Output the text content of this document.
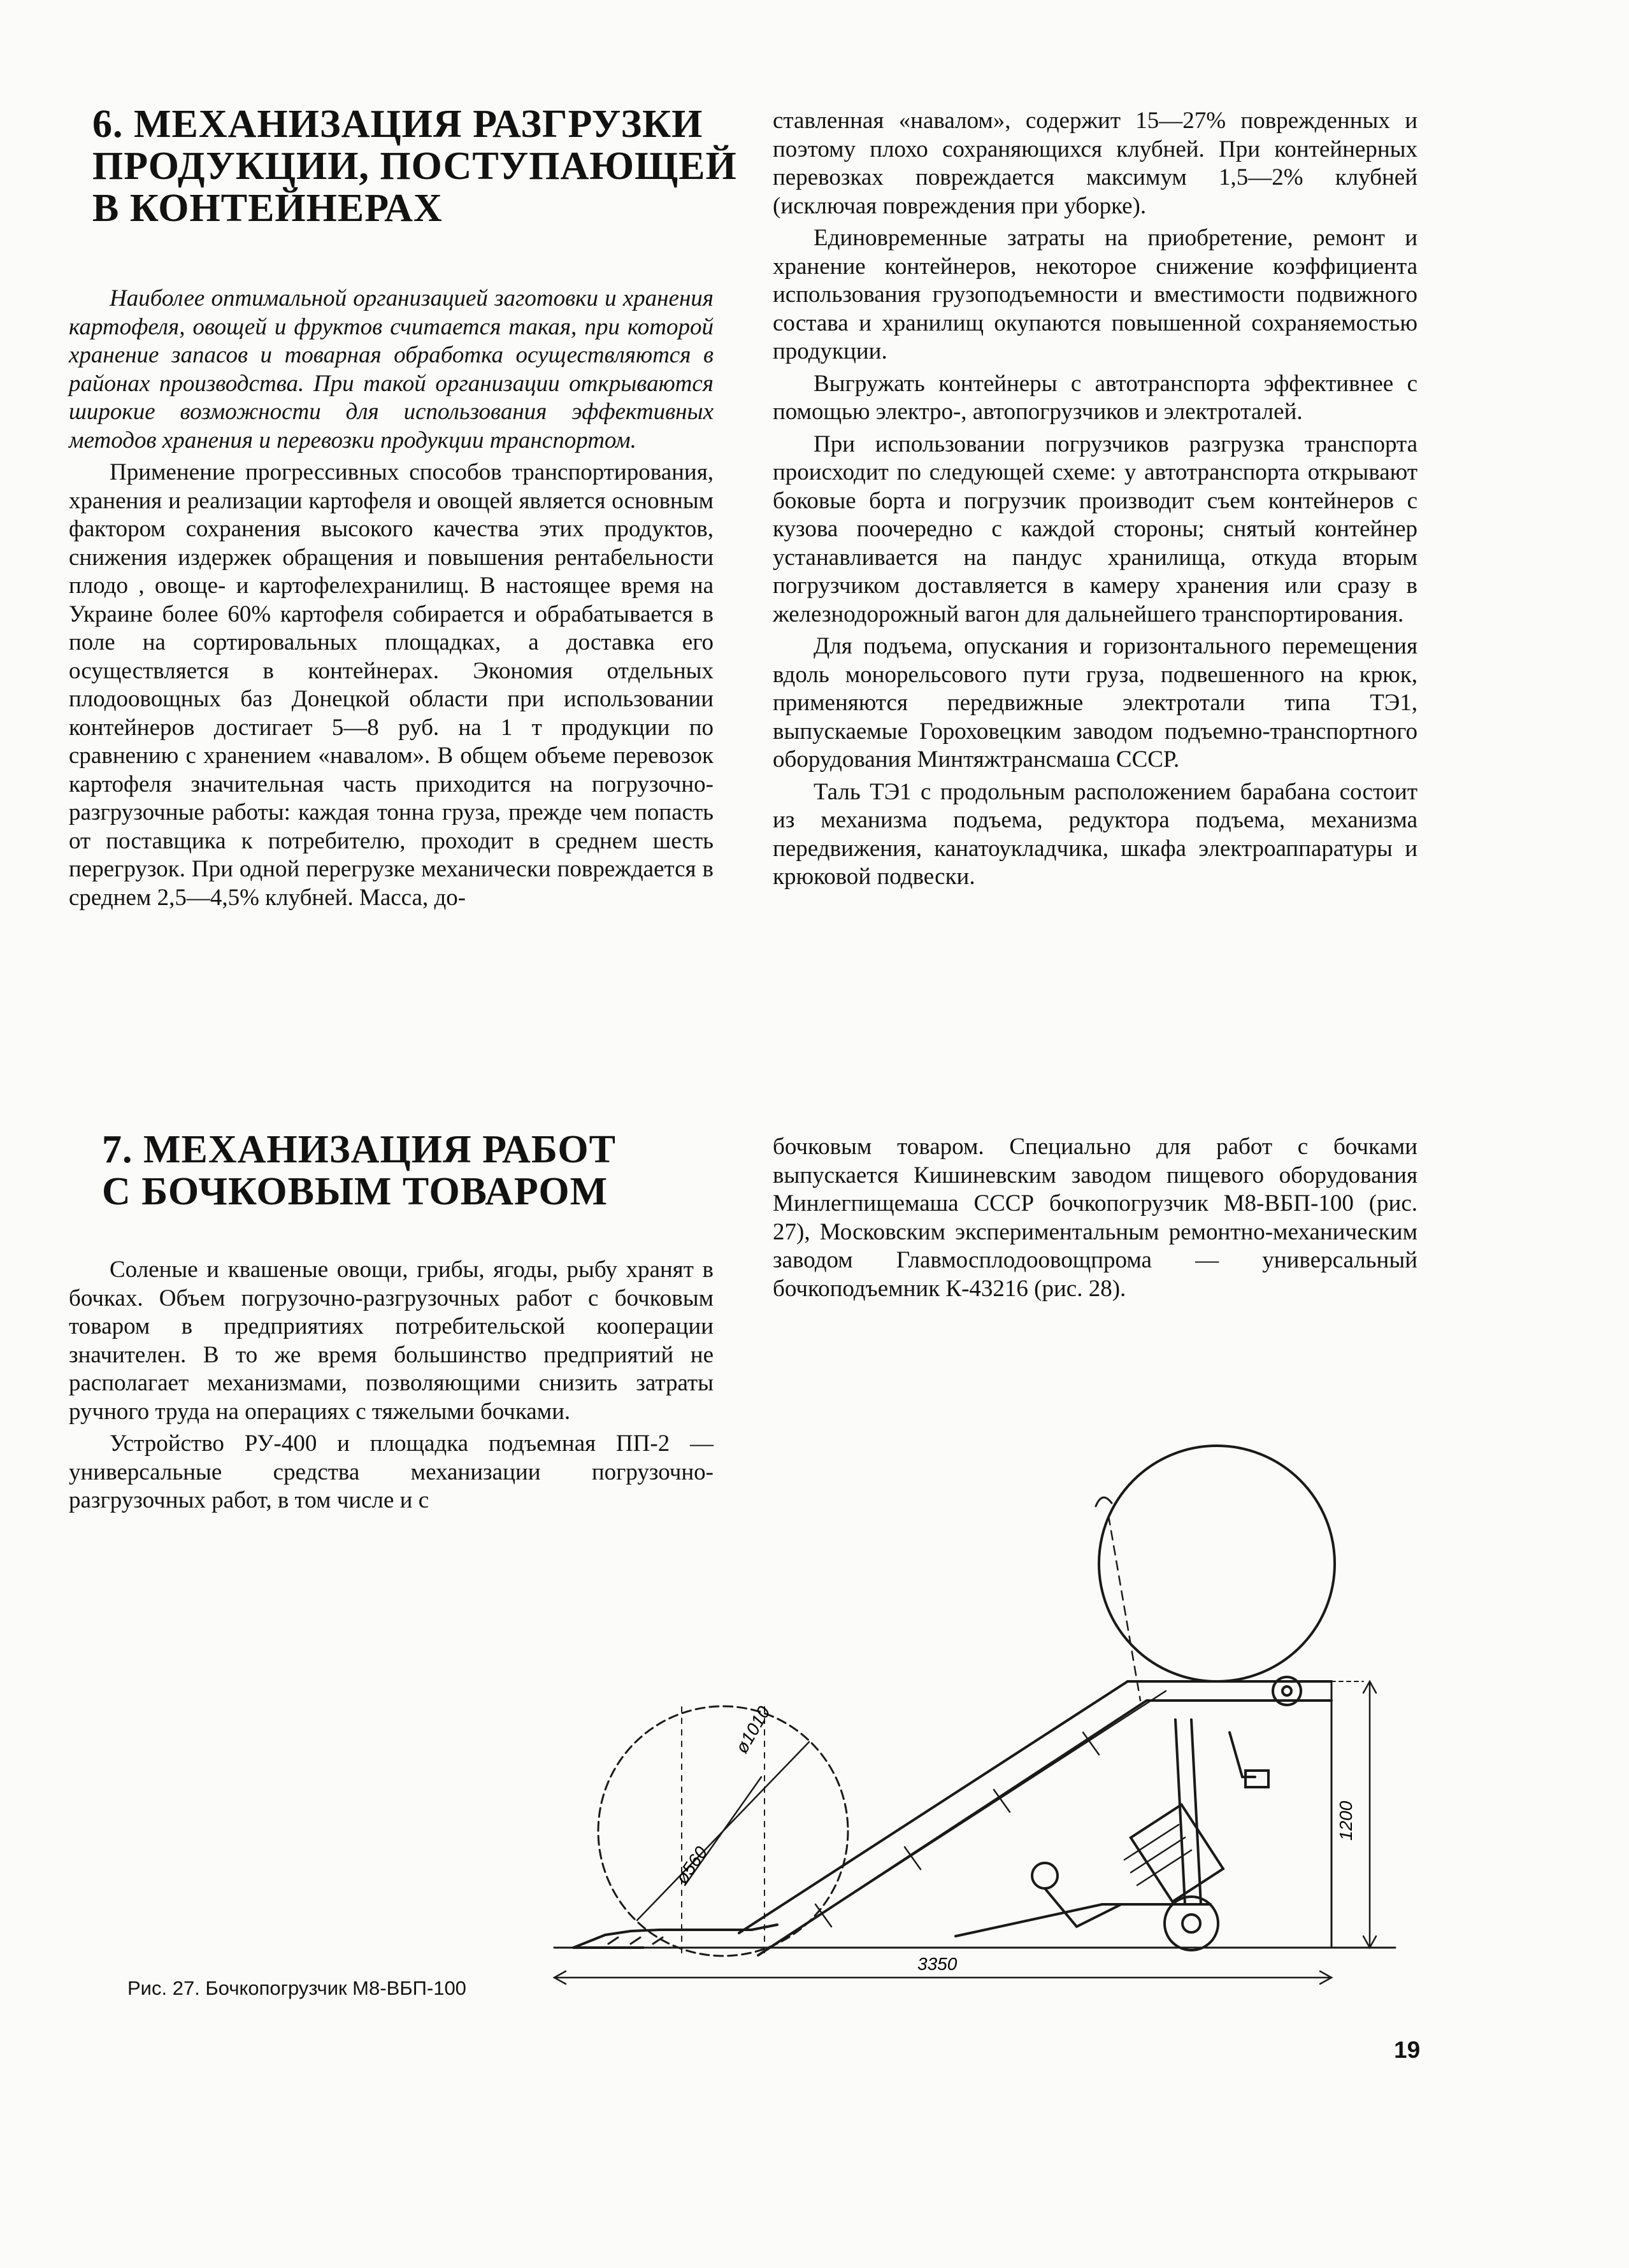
6. МЕХАНИЗАЦИЯ РАЗГРУЗКИ
ПРОДУКЦИИ, ПОСТУПАЮЩЕЙ
В КОНТЕЙНЕРАХ

Наиболее оптимальной организацией заготовки и хранения картофеля, овощей и фруктов считается такая, при которой хранение запасов и товарная обработка осуществляются в районах производства. При такой организации открываются широкие возможности для использования эффективных методов хранения и перевозки продукции транспортом.

Применение прогрессивных способов транспортирования, хранения и реализации картофеля и овощей является основным фактором сохранения высокого качества этих продуктов, снижения издержек обращения и повышения рентабельности плодо , овоще- и картофелехранилищ. В настоящее время на Украине более 60% картофеля собирается и обрабатывается в поле на сортировальных площадках, а доставка его осуществляется в контейнерах. Экономия отдельных плодоовощных баз Донецкой области при использовании контейнеров достигает 5—8 руб. на 1 т продукции по сравнению с хранением «навалом». В общем объеме перевозок картофеля значительная часть приходится на погрузочно-разгрузочные работы: каждая тонна груза, прежде чем попасть от поставщика к потребителю, проходит в среднем шесть перегрузок. При одной перегрузке механически повреждается в среднем 2,5—4,5% клубней. Масса, до-

ставленная «навалом», содержит 15—27% поврежденных и поэтому плохо сохраняющихся клубней. При контейнерных перевозках повреждается максимум 1,5—2% клубней (исключая повреждения при уборке).

Единовременные затраты на приобретение, ремонт и хранение контейнеров, некоторое снижение коэффициента использования грузоподъемности и вместимости подвижного состава и хранилищ окупаются повышенной сохраняемостью продукции.

Выгружать контейнеры с автотранспорта эффективнее с помощью электро-, автопогрузчиков и электроталей.

При использовании погрузчиков разгрузка транспорта происходит по следующей схеме: у автотранспорта открывают боковые борта и погрузчик производит съем контейнеров с кузова поочередно с каждой стороны; снятый контейнер устанавливается на пандус хранилища, откуда вторым погрузчиком доставляется в камеру хранения или сразу в железнодорожный вагон для дальнейшего транспортирования.

Для подъема, опускания и горизонтального перемещения вдоль монорельсового пути груза, подвешенного на крюк, применяются передвижные электротали типа ТЭ1, выпускаемые Гороховецким заводом подъемно-транспортного оборудования Минтяжтрансмаша СССР.

Таль ТЭ1 с продольным расположением барабана состоит из механизма подъема, редуктора подъема, механизма передвижения, канатоукладчика, шкафа электроаппаратуры и крюковой подвески.

7. МЕХАНИЗАЦИЯ РАБОТ
С БОЧКОВЫМ ТОВАРОМ

Соленые и квашеные овощи, грибы, ягоды, рыбу хранят в бочках. Объем погрузочно-разгрузочных работ с бочковым товаром в предприятиях потребительской кооперации значителен. В то же время большинство предприятий не располагает механизмами, позволяющими снизить затраты ручного труда на операциях с тяжелыми бочками.

Устройство РУ-400 и площадка подъемная ПП-2 — универсальные средства механизации погрузочно-разгрузочных работ, в том числе и с

бочковым товаром. Специально для работ с бочками выпускается Кишиневским заводом пищевого оборудования Минлегпищемаша СССР бочкопогрузчик М8-ВБП-100 (рис. 27), Московским экспериментальным ремонтно-механическим заводом Главмосплодоовощпрома — универсальный бочкоподъемник К-43216 (рис. 28).

ø1010
ø560
1200
3350
Рис. 27. Бочкопогрузчик М8-ВБП-100
19
